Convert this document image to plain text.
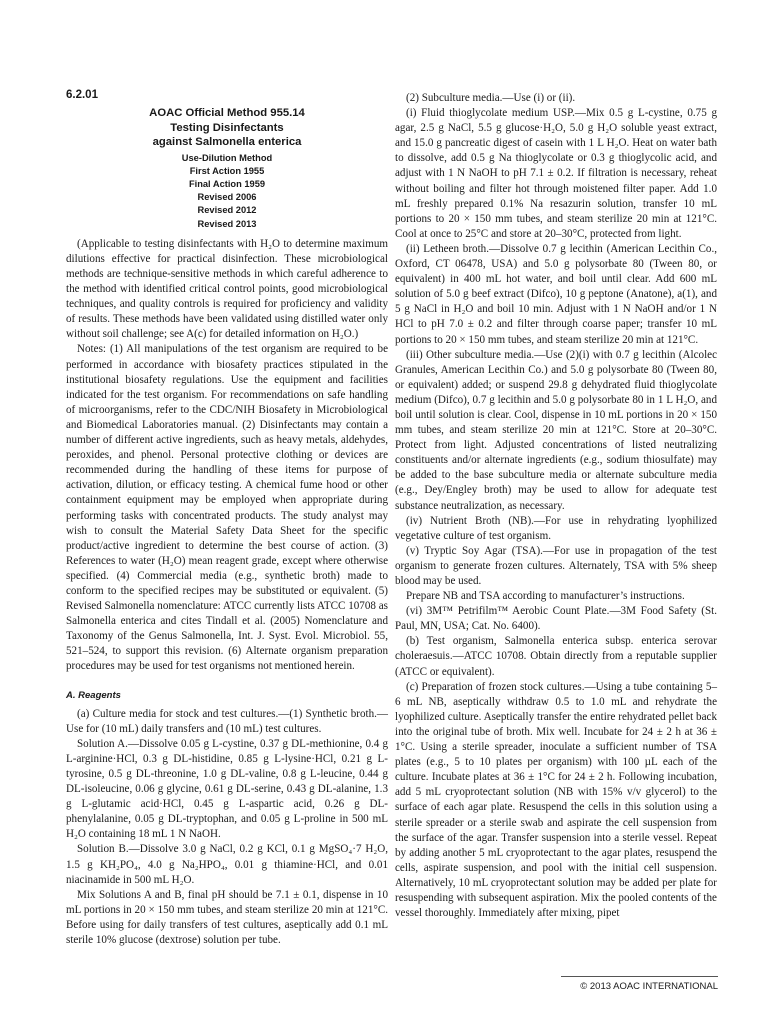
6.2.01
AOAC Official Method 955.14
Testing Disinfectants
against Salmonella enterica
Use-Dilution Method
First Action 1955
Final Action 1959
Revised 2006
Revised 2012
Revised 2013

(Applicable to testing disinfectants with H₂O to determine maximum dilutions effective for practical disinfection. These microbiological methods are technique-sensitive methods in which careful adherence to the method with identified critical control points, good microbiological techniques, and quality controls is required for proficiency and validity of results. These methods have been validated using distilled water only without soil challenge; see A(c) for detailed information on H₂O.)

Notes: (1) All manipulations of the test organism are required to be performed in accordance with biosafety practices stipulated in the institutional biosafety regulations. Use the equipment and facilities indicated for the test organism. For recommendations on safe handling of microorganisms, refer to the CDC/NIH Biosafety in Microbiological and Biomedical Laboratories manual. (2) Disinfectants may contain a number of different active ingredients, such as heavy metals, aldehydes, peroxides, and phenol. Personal protective clothing or devices are recommended during the handling of these items for purpose of activation, dilution, or efficacy testing. A chemical fume hood or other containment equipment may be employed when appropriate during performing tasks with concentrated products. The study analyst may wish to consult the Material Safety Data Sheet for the specific product/active ingredient to determine the best course of action. (3) References to water (H₂O) mean reagent grade, except where otherwise specified. (4) Commercial media (e.g., synthetic broth) made to conform to the specified recipes may be substituted or equivalent. (5) Revised Salmonella nomenclature: ATCC currently lists ATCC 10708 as Salmonella enterica and cites Tindall et al. (2005) Nomenclature and Taxonomy of the Genus Salmonella, Int. J. Syst. Evol. Microbiol. 55, 521–524, to support this revision. (6) Alternate organism preparation procedures may be used for test organisms not mentioned herein.

A. Reagents

(a) Culture media for stock and test cultures.—(1) Synthetic broth.—Use for (10 mL) daily transfers and (10 mL) test cultures.

Solution A.—Dissolve 0.05 g L-cystine, 0.37 g DL-methionine, 0.4 g L-arginine·HCl, 0.3 g DL-histidine, 0.85 g L-lysine·HCl, 0.21 g L-tyrosine, 0.5 g DL-threonine, 1.0 g DL-valine, 0.8 g L-leucine, 0.44 g DL-isoleucine, 0.06 g glycine, 0.61 g DL-serine, 0.43 g DL-alanine, 1.3 g L-glutamic acid·HCl, 0.45 g L-aspartic acid, 0.26 g DL-phenylalanine, 0.05 g DL-tryptophan, and 0.05 g L-proline in 500 mL H₂O containing 18 mL 1 N NaOH.

Solution B.—Dissolve 3.0 g NaCl, 0.2 g KCl, 0.1 g MgSO₄·7 H₂O, 1.5 g KH₂PO₄, 4.0 g Na₂HPO₄, 0.01 g thiamine·HCl, and 0.01 niacinamide in 500 mL H₂O.

Mix Solutions A and B, final pH should be 7.1 ± 0.1, dispense in 10 mL portions in 20 × 150 mm tubes, and steam sterilize 20 min at 121°C. Before using for daily transfers of test cultures, aseptically add 0.1 mL sterile 10% glucose (dextrose) solution per tube.

(2) Subculture media.—Use (i) or (ii).

(i) Fluid thioglycolate medium USP.—Mix 0.5 g L-cystine, 0.75 g agar, 2.5 g NaCl, 5.5 g glucose·H₂O, 5.0 g H₂O soluble yeast extract, and 15.0 g pancreatic digest of casein with 1 L H₂O. Heat on water bath to dissolve, add 0.5 g Na thioglycolate or 0.3 g thioglycolic acid, and adjust with 1 N NaOH to pH 7.1 ± 0.2. If filtration is necessary, reheat without boiling and filter hot through moistened filter paper. Add 1.0 mL freshly prepared 0.1% Na resazurin solution, transfer 10 mL portions to 20 × 150 mm tubes, and steam sterilize 20 min at 121°C. Cool at once to 25°C and store at 20–30°C, protected from light.

(ii) Letheen broth.—Dissolve 0.7 g lecithin (American Lecithin Co., Oxford, CT 06478, USA) and 5.0 g polysorbate 80 (Tween 80, or equivalent) in 400 mL hot water, and boil until clear. Add 600 mL solution of 5.0 g beef extract (Difco), 10 g peptone (Anatone), a(1), and 5 g NaCl in H₂O and boil 10 min. Adjust with 1 N NaOH and/or 1 N HCl to pH 7.0 ± 0.2 and filter through coarse paper; transfer 10 mL portions to 20 × 150 mm tubes, and steam sterilize 20 min at 121°C.

(iii) Other subculture media.—Use (2)(i) with 0.7 g lecithin (Alcolec Granules, American Lecithin Co.) and 5.0 g polysorbate 80 (Tween 80, or equivalent) added; or suspend 29.8 g dehydrated fluid thioglycolate medium (Difco), 0.7 g lecithin and 5.0 g polysorbate 80 in 1 L H₂O, and boil until solution is clear. Cool, dispense in 10 mL portions in 20 × 150 mm tubes, and steam sterilize 20 min at 121°C. Store at 20–30°C. Protect from light. Adjusted concentrations of listed neutralizing constituents and/or alternate ingredients (e.g., sodium thiosulfate) may be added to the base subculture media or alternate subculture media (e.g., Dey/Engley broth) may be used to allow for adequate test substance neutralization, as necessary.

(iv) Nutrient Broth (NB).—For use in rehydrating lyophilized vegetative culture of test organism.

(v) Tryptic Soy Agar (TSA).—For use in propagation of the test organism to generate frozen cultures. Alternately, TSA with 5% sheep blood may be used.

Prepare NB and TSA according to manufacturer’s instructions.

(vi) 3M™ Petrifilm™ Aerobic Count Plate.—3M Food Safety (St. Paul, MN, USA; Cat. No. 6400).

(b) Test organism, Salmonella enterica subsp. enterica serovar choleraesuis.—ATCC 10708. Obtain directly from a reputable supplier (ATCC or equivalent).

(c) Preparation of frozen stock cultures.—Using a tube containing 5–6 mL NB, aseptically withdraw 0.5 to 1.0 mL and rehydrate the lyophilized culture. Aseptically transfer the entire rehydrated pellet back into the original tube of broth. Mix well. Incubate for 24 ± 2 h at 36 ± 1°C. Using a sterile spreader, inoculate a sufficient number of TSA plates (e.g., 5 to 10 plates per organism) with 100 µL each of the culture. Incubate plates at 36 ± 1°C for 24 ± 2 h. Following incubation, add 5 mL cryoprotectant solution (NB with 15% v/v glycerol) to the surface of each agar plate. Resuspend the cells in this solution using a sterile spreader or a sterile swab and aspirate the cell suspension from the surface of the agar. Transfer suspension into a sterile vessel. Repeat by adding another 5 mL cryoprotectant to the agar plates, resuspend the cells, aspirate suspension, and pool with the initial cell suspension. Alternatively, 10 mL cryoprotectant solution may be added per plate for resuspending with subsequent aspiration. Mix the pooled contents of the vessel thoroughly. Immediately after mixing, pipet

© 2013 AOAC INTERNATIONAL
